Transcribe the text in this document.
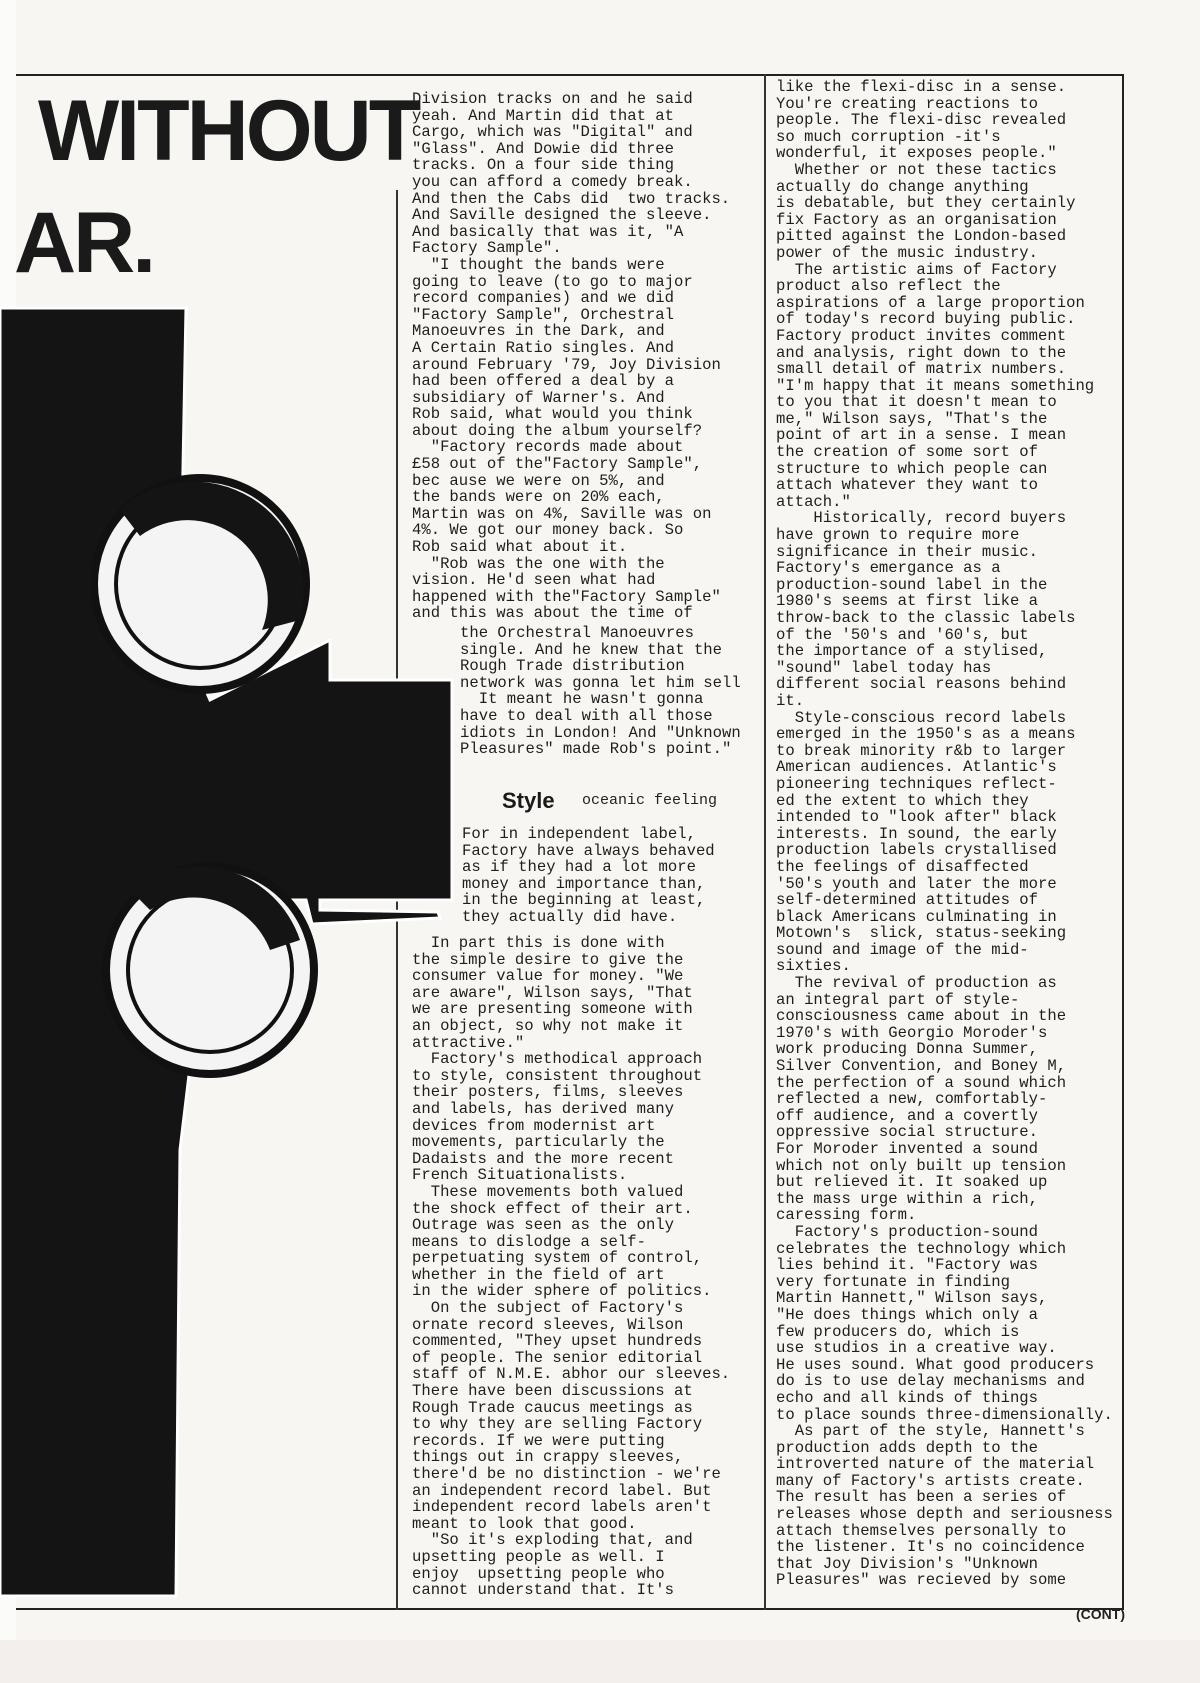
WITHOUT
AR.
Division tracks on and he said
yeah. And Martin did that at
Cargo, which was "Digital" and
"Glass". And Dowie did three
tracks. On a four side thing
you can afford a comedy break.
And then the Cabs did  two tracks.
And Saville designed the sleeve.
And basically that was it, "A
Factory Sample".
"I thought the bands were
going to leave (to go to major
record companies) and we did
"Factory Sample", Orchestral
Manoeuvres in the Dark, and
A Certain Ratio singles. And
around February '79, Joy Division
had been offered a deal by a
subsidiary of Warner's. And
Rob said, what would you think
about doing the album yourself?
"Factory records made about
£58 out of the"Factory Sample",
bec ause we were on 5%, and
the bands were on 20% each,
Martin was on 4%, Saville was on
4%. We got our money back. So
Rob said what about it.
"Rob was the one with the
vision. He'd seen what had
happened with the"Factory Sample"
and this was about the time of
the Orchestral Manoeuvres
single. And he knew that the
Rough Trade distribution
network was gonna let him sell
It meant he wasn't gonna
have to deal with all those
idiots in London! And "Unknown
Pleasures" made Rob's point."
Style oceanic feeling
For in independent label,
Factory have always behaved
as if they had a lot more
money and importance than,
in the beginning at least,
they actually did have.
In part this is done with
the simple desire to give the
consumer value for money. "We
are aware", Wilson says, "That
we are presenting someone with
an object, so why not make it
attractive."
Factory's methodical approach
to style, consistent throughout
their posters, films, sleeves
and labels, has derived many
devices from modernist art
movements, particularly the
Dadaists and the more recent
French Situationalists.
These movements both valued
the shock effect of their art.
Outrage was seen as the only
means to dislodge a self-
perpetuating system of control,
whether in the field of art
in the wider sphere of politics.
On the subject of Factory's
ornate record sleeves, Wilson
commented, "They upset hundreds
of people. The senior editorial
staff of N.M.E. abhor our sleeves.
There have been discussions at
Rough Trade caucus meetings as
to why they are selling Factory
records. If we were putting
things out in crappy sleeves,
there'd be no distinction - we're
an independent record label. But
independent record labels aren't
meant to look that good.
"So it's exploding that, and
upsetting people as well. I
enjoy  upsetting people who
cannot understand that. It's
like the flexi-disc in a sense.
You're creating reactions to
people. The flexi-disc revealed
so much corruption -it's
wonderful, it exposes people."
Whether or not these tactics
actually do change anything
is debatable, but they certainly
fix Factory as an organisation
pitted against the London-based
power of the music industry.
The artistic aims of Factory
product also reflect the
aspirations of a large proportion
of today's record buying public.
Factory product invites comment
and analysis, right down to the
small detail of matrix numbers.
"I'm happy that it means something
to you that it doesn't mean to
me," Wilson says, "That's the
point of art in a sense. I mean
the creation of some sort of
structure to which people can
attach whatever they want to
attach."
Historically, record buyers
have grown to require more
significance in their music.
Factory's emergance as a
production-sound label in the
1980's seems at first like a
throw-back to the classic labels
of the '50's and '60's, but
the importance of a stylised,
"sound" label today has
different social reasons behind
it.
Style-conscious record labels
emerged in the 1950's as a means
to break minority r&b to larger
American audiences. Atlantic's
pioneering techniques reflect-
ed the extent to which they
intended to "look after" black
interests. In sound, the early
production labels crystallised
the feelings of disaffected
'50's youth and later the more
self-determined attitudes of
black Americans culminating in
Motown's  slick, status-seeking
sound and image of the mid-
sixties.
The revival of production as
an integral part of style-
consciousness came about in the
1970's with Georgio Moroder's
work producing Donna Summer,
Silver Convention, and Boney M,
the perfection of a sound which
reflected a new, comfortably-
off audience, and a covertly
oppressive social structure.
For Moroder invented a sound
which not only built up tension
but relieved it. It soaked up
the mass urge within a rich,
caressing form.
Factory's production-sound
celebrates the technology which
lies behind it. "Factory was
very fortunate in finding
Martin Hannett," Wilson says,
"He does things which only a
few producers do, which is
use studios in a creative way.
He uses sound. What good producers
do is to use delay mechanisms and
echo and all kinds of things
to place sounds three-dimensionally.
As part of the style, Hannett's
production adds depth to the
introverted nature of the material
many of Factory's artists create.
The result has been a series of
releases whose depth and seriousness
attach themselves personally to
the listener. It's no coincidence
that Joy Division's "Unknown
Pleasures" was recieved by some
(CONT)
